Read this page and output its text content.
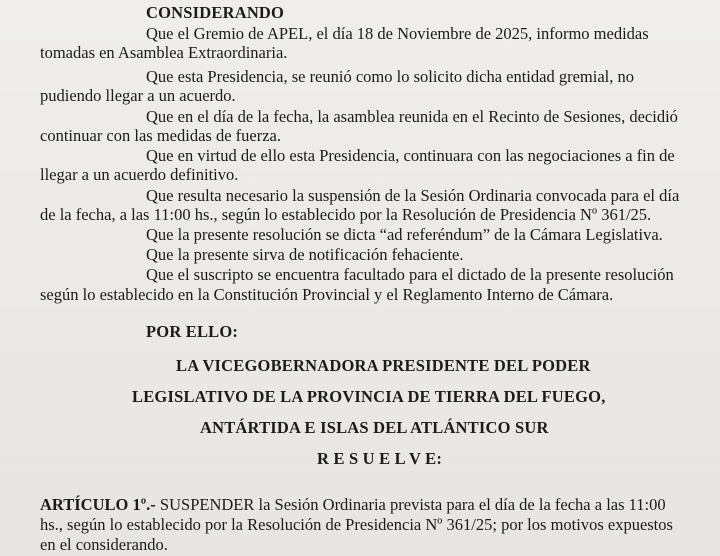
CONSIDERANDO
Que el Gremio de APEL, el día 18 de Noviembre de 2025, informo medidas
tomadas en Asamblea Extraordinaria.
Que esta Presidencia, se reunió como lo solicito dicha entidad gremial, no
pudiendo llegar a un acuerdo.
Que en el día de la fecha, la asamblea reunida en el Recinto de Sesiones, decidió
continuar con las medidas de fuerza.
Que en virtud de ello esta Presidencia, continuara con las negociaciones a fin de
llegar a un acuerdo definitivo.
Que resulta necesario la suspensión de la Sesión Ordinaria convocada para el día
de la fecha, a las 11:00 hs., según lo establecido por la Resolución de Presidencia Nº 361/25.
Que la presente resolución se dicta “ad referéndum” de la Cámara Legislativa.
Que la presente sirva de notificación fehaciente.
Que el suscripto se encuentra facultado para el dictado de la presente resolución
según lo establecido en la Constitución Provincial y el Reglamento Interno de Cámara.
POR ELLO:
LA VICEGOBERNADORA PRESIDENTE DEL PODER
LEGISLATIVO DE LA PROVINCIA DE TIERRA DEL FUEGO,
ANTÁRTIDA E ISLAS DEL ATLÁNTICO SUR
R E S U E L V E:
ARTÍCULO 1º.- SUSPENDER la Sesión Ordinaria prevista para el día de la fecha a las 11:00
hs., según lo establecido por la Resolución de Presidencia Nº 361/25; por los motivos expuestos
en el considerando.
